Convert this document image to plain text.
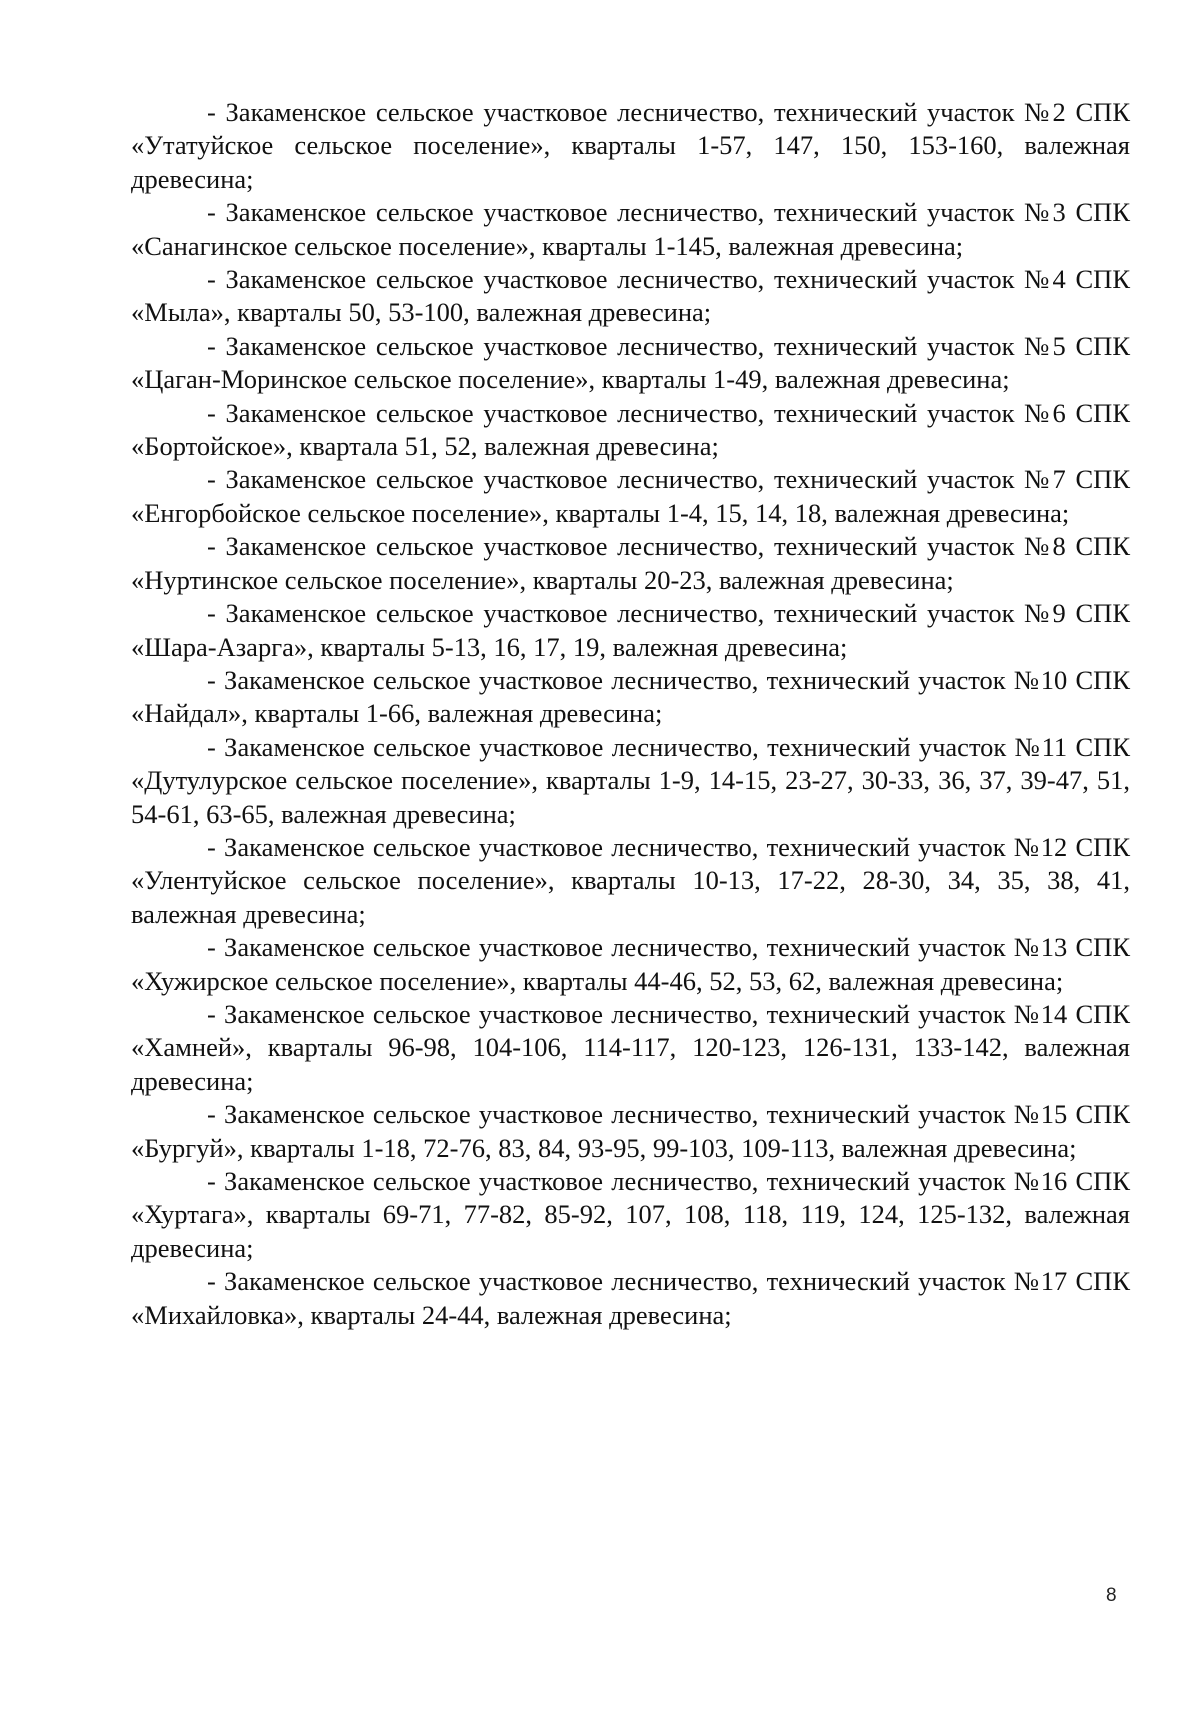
- Закаменское сельское участковое лесничество, технический участок №2 СПК «Утатуйское сельское поселение», кварталы 1-57, 147, 150, 153-160, валежная древесина;

- Закаменское сельское участковое лесничество, технический участок №3 СПК «Санагинское сельское поселение», кварталы 1-145, валежная древесина;

- Закаменское сельское участковое лесничество, технический участок №4 СПК «Мыла», кварталы 50, 53-100, валежная древесина;

- Закаменское сельское участковое лесничество, технический участок №5 СПК «Цаган-Моринское сельское поселение», кварталы 1-49, валежная древесина;

- Закаменское сельское участковое лесничество, технический участок №6 СПК «Бортойское», квартала 51, 52, валежная древесина;

- Закаменское сельское участковое лесничество, технический участок №7 СПК «Енгорбойское сельское поселение», кварталы 1-4, 15, 14, 18, валежная древесина;

- Закаменское сельское участковое лесничество, технический участок №8 СПК «Нуртинское сельское поселение», кварталы 20-23, валежная древесина;

- Закаменское сельское участковое лесничество, технический участок №9 СПК «Шара-Азарга», кварталы 5-13, 16, 17, 19, валежная древесина;

- Закаменское сельское участковое лесничество, технический участок №10 СПК «Найдал», кварталы 1-66, валежная древесина;

- Закаменское сельское участковое лесничество, технический участок №11 СПК «Дутулурское сельское поселение», кварталы 1-9, 14-15, 23-27, 30-33, 36, 37, 39-47, 51, 54-61, 63-65, валежная древесина;

- Закаменское сельское участковое лесничество, технический участок №12 СПК «Улентуйское сельское поселение», кварталы 10-13, 17-22, 28-30, 34, 35, 38, 41, валежная древесина;

- Закаменское сельское участковое лесничество, технический участок №13 СПК «Хужирское сельское поселение», кварталы 44-46, 52, 53, 62, валежная древесина;

- Закаменское сельское участковое лесничество, технический участок №14 СПК «Хамней», кварталы 96-98, 104-106, 114-117, 120-123, 126-131, 133-142, валежная древесина;

- Закаменское сельское участковое лесничество, технический участок №15 СПК «Бургуй», кварталы 1-18, 72-76, 83, 84, 93-95, 99-103, 109-113, валежная древесина;

- Закаменское сельское участковое лесничество, технический участок №16 СПК «Хуртага», кварталы 69-71, 77-82, 85-92, 107, 108, 118, 119, 124, 125-132, валежная древесина;

- Закаменское сельское участковое лесничество, технический участок №17 СПК «Михайловка», кварталы 24-44, валежная древесина;

8
